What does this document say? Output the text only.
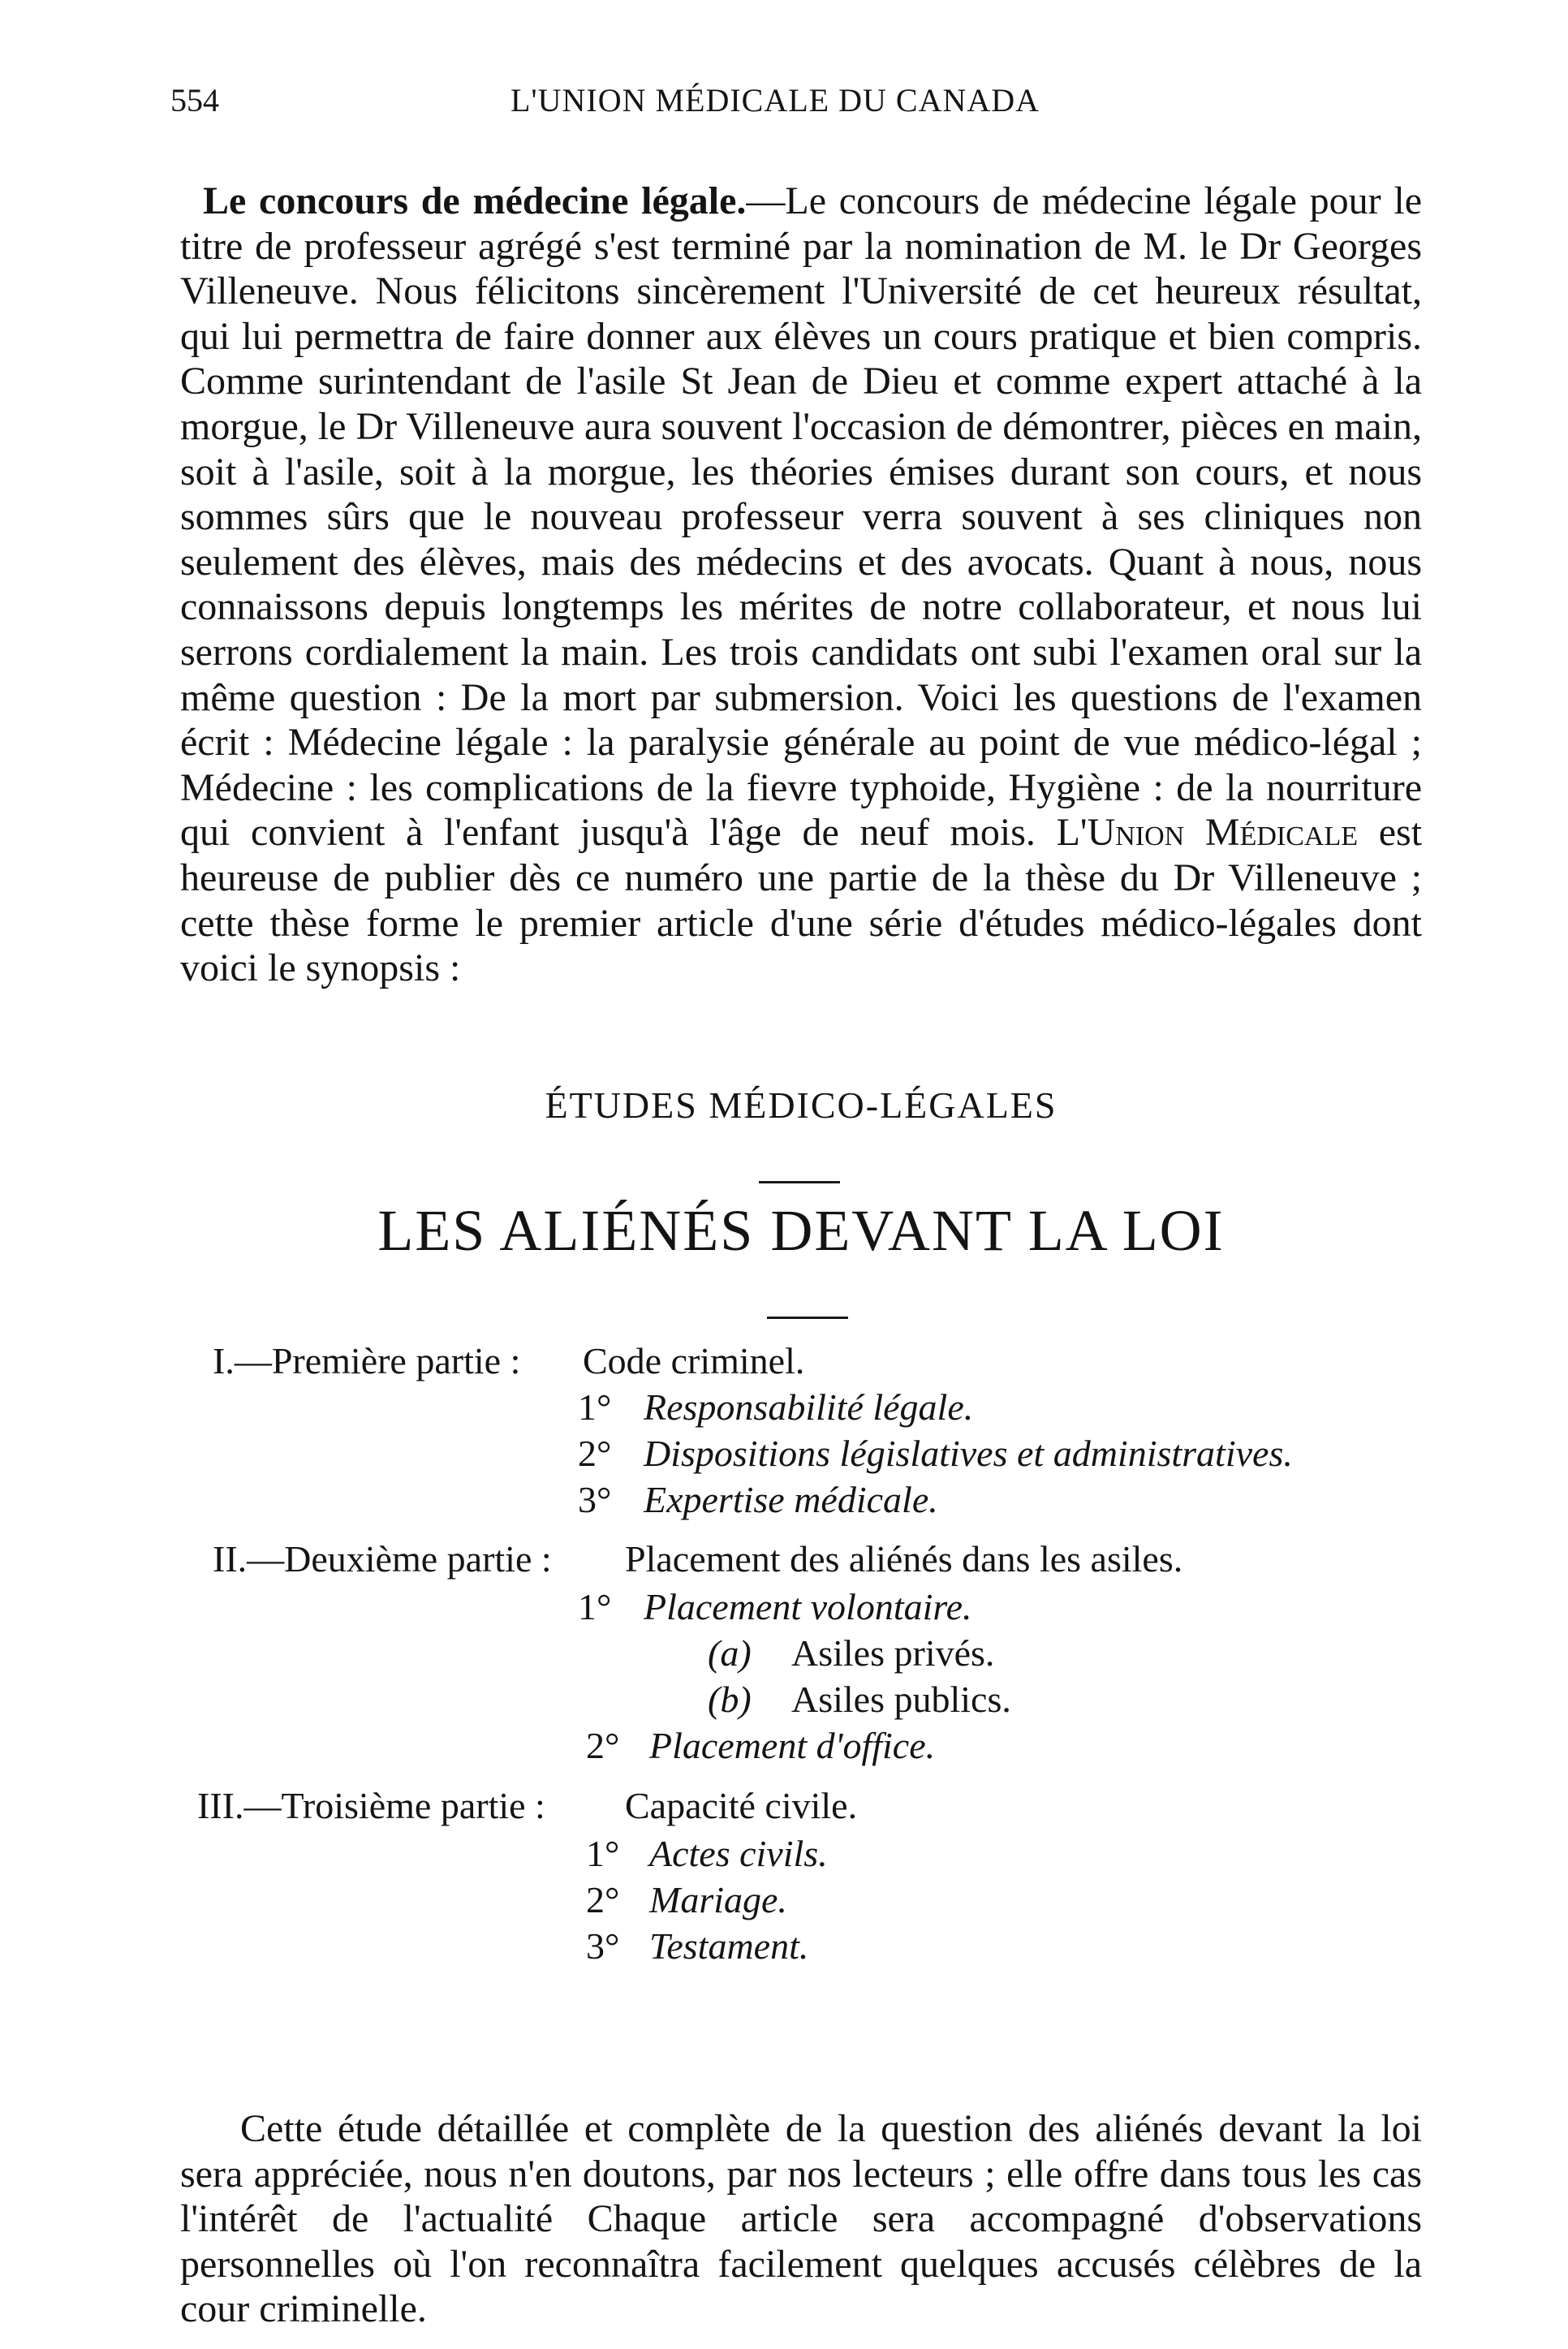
554	L'UNION MÉDICALE DU CANADA

Le concours de médecine légale.—Le concours de médecine légale pour le titre de professeur agrégé s'est terminé par la nomination de M. le Dr Georges Villeneuve. Nous félicitons sincèrement l'Université de cet heureux résultat, qui lui permettra de faire donner aux élèves un cours pratique et bien compris. Comme surintendant de l'asile St Jean de Dieu et comme expert attaché à la morgue, le Dr Villeneuve aura souvent l'occasion de démontrer, pièces en main, soit à l'asile, soit à la morgue, les théories émises durant son cours, et nous sommes sûrs que le nouveau professeur verra souvent à ses cliniques non seulement des élèves, mais des médecins et des avocats. Quant à nous, nous connaissons depuis longtemps les mérites de notre collaborateur, et nous lui serrons cordialement la main. Les trois candidats ont subi l'examen oral sur la même question : De la mort par submersion. Voici les questions de l'examen écrit : Médecine légale : la paralysie générale au point de vue médico-légal ; Médecine : les complications de la fievre typhoide, Hygiène : de la nourriture qui convient à l'enfant jusqu'à l'âge de neuf mois. L'Union Médicale est heureuse de publier dès ce numéro une partie de la thèse du Dr Villeneuve ; cette thèse forme le premier article d'une série d'études médico-légales dont voici le synopsis :

ÉTUDES MÉDICO-LÉGALES
LES ALIÉNÉS DEVANT LA LOI
I.—Première partie : Code criminel.
1° Responsabilité légale.
2° Dispositions législatives et administratives.
3° Expertise médicale.
II.—Deuxième partie : Placement des aliénés dans les asiles.
1° Placement volontaire.
(a) Asiles privés.
(b) Asiles publics.
2° Placement d'office.
III.—Troisième partie : Capacité civile.
1° Actes civils.
2° Mariage.
3° Testament.

Cette étude détaillée et complète de la question des aliénés devant la loi sera appréciée, nous n'en doutons, par nos lecteurs ; elle offre dans tous les cas l'intérêt de l'actualité Chaque article sera accompagné d'observations personnelles où l'on reconnaîtra facilement quelques accusés célèbres de la cour criminelle.
